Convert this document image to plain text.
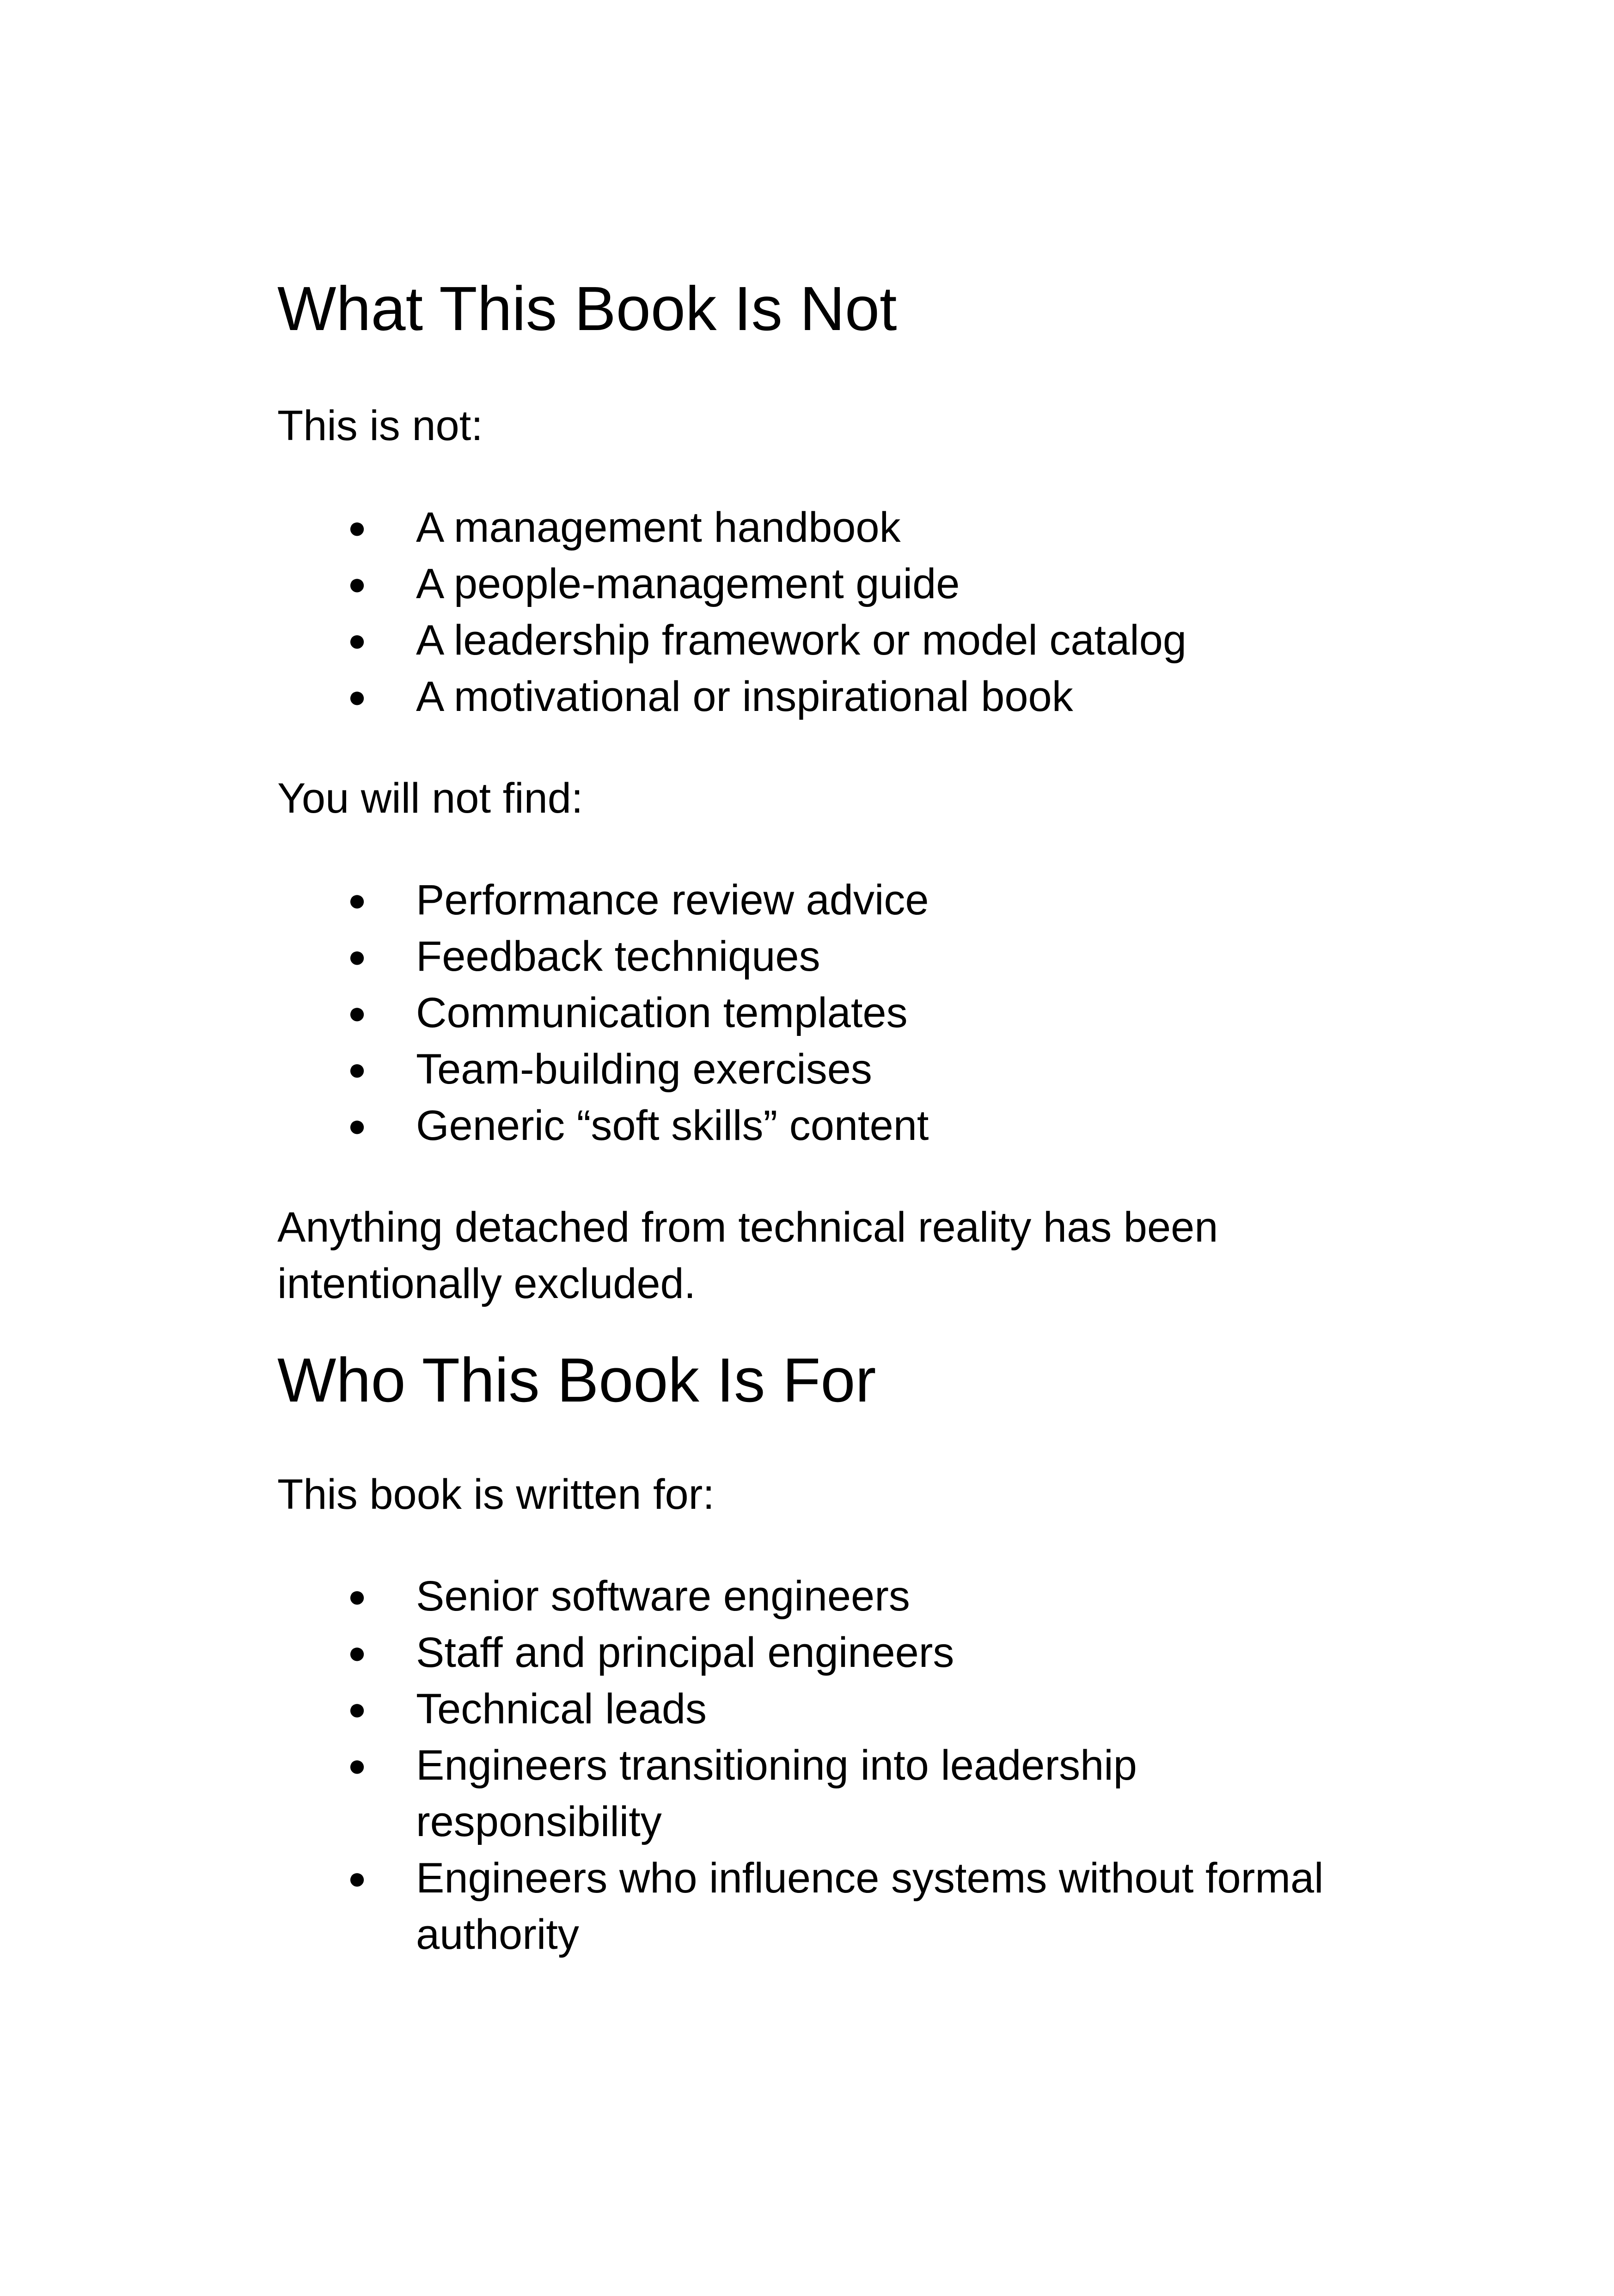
What This Book Is Not

This is not:

● A management handbook
● A people-management guide
● A leadership framework or model catalog
● A motivational or inspirational book

You will not find:

● Performance review advice
● Feedback techniques
● Communication templates
● Team-building exercises
● Generic “soft skills” content

Anything detached from technical reality has been intentionally excluded.

Who This Book Is For

This book is written for:

● Senior software engineers
● Staff and principal engineers
● Technical leads
● Engineers transitioning into leadership responsibility
● Engineers who influence systems without formal authority
